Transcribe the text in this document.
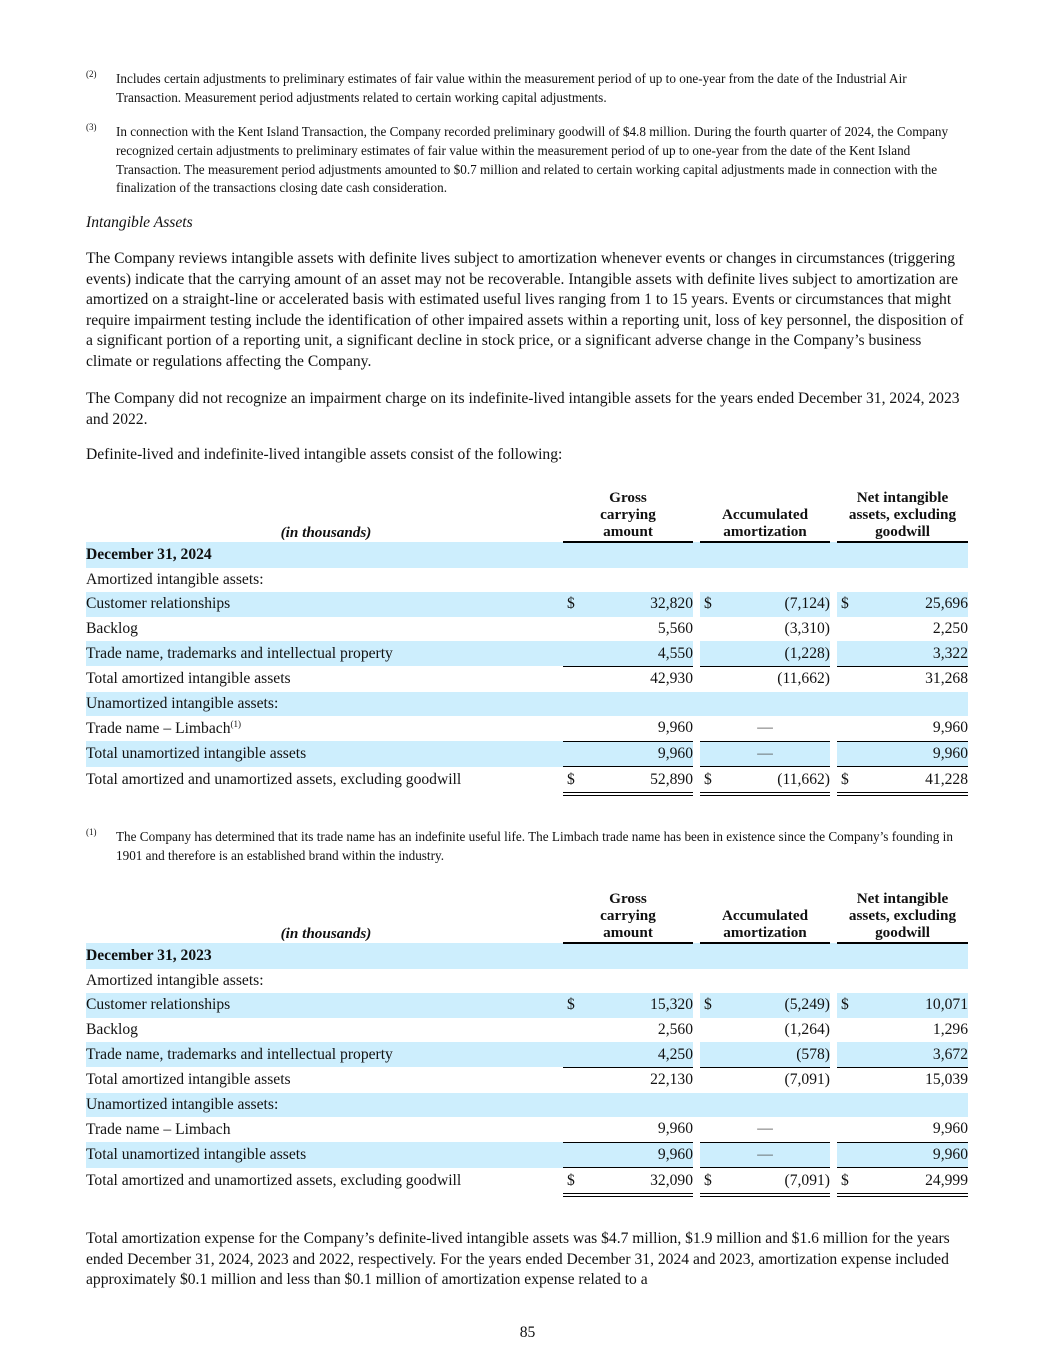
(2) Includes certain adjustments to preliminary estimates of fair value within the measurement period of up to one-year from the date of the Industrial Air Transaction. Measurement period adjustments related to certain working capital adjustments.
(3) In connection with the Kent Island Transaction, the Company recorded preliminary goodwill of $4.8 million. During the fourth quarter of 2024, the Company recognized certain adjustments to preliminary estimates of fair value within the measurement period of up to one-year from the date of the Kent Island Transaction. The measurement period adjustments amounted to $0.7 million and related to certain working capital adjustments made in connection with the finalization of the transactions closing date cash consideration.
Intangible Assets
The Company reviews intangible assets with definite lives subject to amortization whenever events or changes in circumstances (triggering events) indicate that the carrying amount of an asset may not be recoverable. Intangible assets with definite lives subject to amortization are amortized on a straight-line or accelerated basis with estimated useful lives ranging from 1 to 15 years. Events or circumstances that might require impairment testing include the identification of other impaired assets within a reporting unit, loss of key personnel, the disposition of a significant portion of a reporting unit, a significant decline in stock price, or a significant adverse change in the Company’s business climate or regulations affecting the Company.
The Company did not recognize an impairment charge on its indefinite-lived intangible assets for the years ended December 31, 2024, 2023 and 2022.
Definite-lived and indefinite-lived intangible assets consist of the following:
(in thousands)	Gross carrying amount		Accumulated amortization		Net intangible assets, excluding goodwill

December 31, 2024					
Amortized intangible assets:					
Customer relationships	$ 32,820		$ (7,124)		$ 25,696
Backlog	5,560		(3,310)		2,250
Trade name, trademarks and intellectual property	4,550		(1,228)		3,322
Total amortized intangible assets	42,930		(11,662)		31,268
Unamortized intangible assets:					
Trade name – Limbach$^{(1)}$	9,960		—		9,960
Total unamortized intangible assets	9,960		—		9,960
Total amortized and unamortized assets, excluding goodwill	$ 52,890		$ (11,662)		$ 41,228
(1) The Company has determined that its trade name has an indefinite useful life. The Limbach trade name has been in existence since the Company’s founding in 1901 and therefore is an established brand within the industry.
(in thousands)	Gross carrying amount		Accumulated amortization		Net intangible assets, excluding goodwill

December 31, 2023					
Amortized intangible assets:					
Customer relationships	$ 15,320		$ (5,249)		$ 10,071
Backlog	2,560		(1,264)		1,296
Trade name, trademarks and intellectual property	4,250		(578)		3,672
Total amortized intangible assets	22,130		(7,091)		15,039
Unamortized intangible assets:					
Trade name – Limbach	9,960		—		9,960
Total unamortized intangible assets	9,960		—		9,960
Total amortized and unamortized assets, excluding goodwill	$ 32,090		$ (7,091)		$ 24,999
Total amortization expense for the Company’s definite-lived intangible assets was $4.7 million, $1.9 million and $1.6 million for the years ended December 31, 2024, 2023 and 2022, respectively. For the years ended December 31, 2024 and 2023, amortization expense included approximately $0.1 million and less than $0.1 million of amortization expense related to a
85
